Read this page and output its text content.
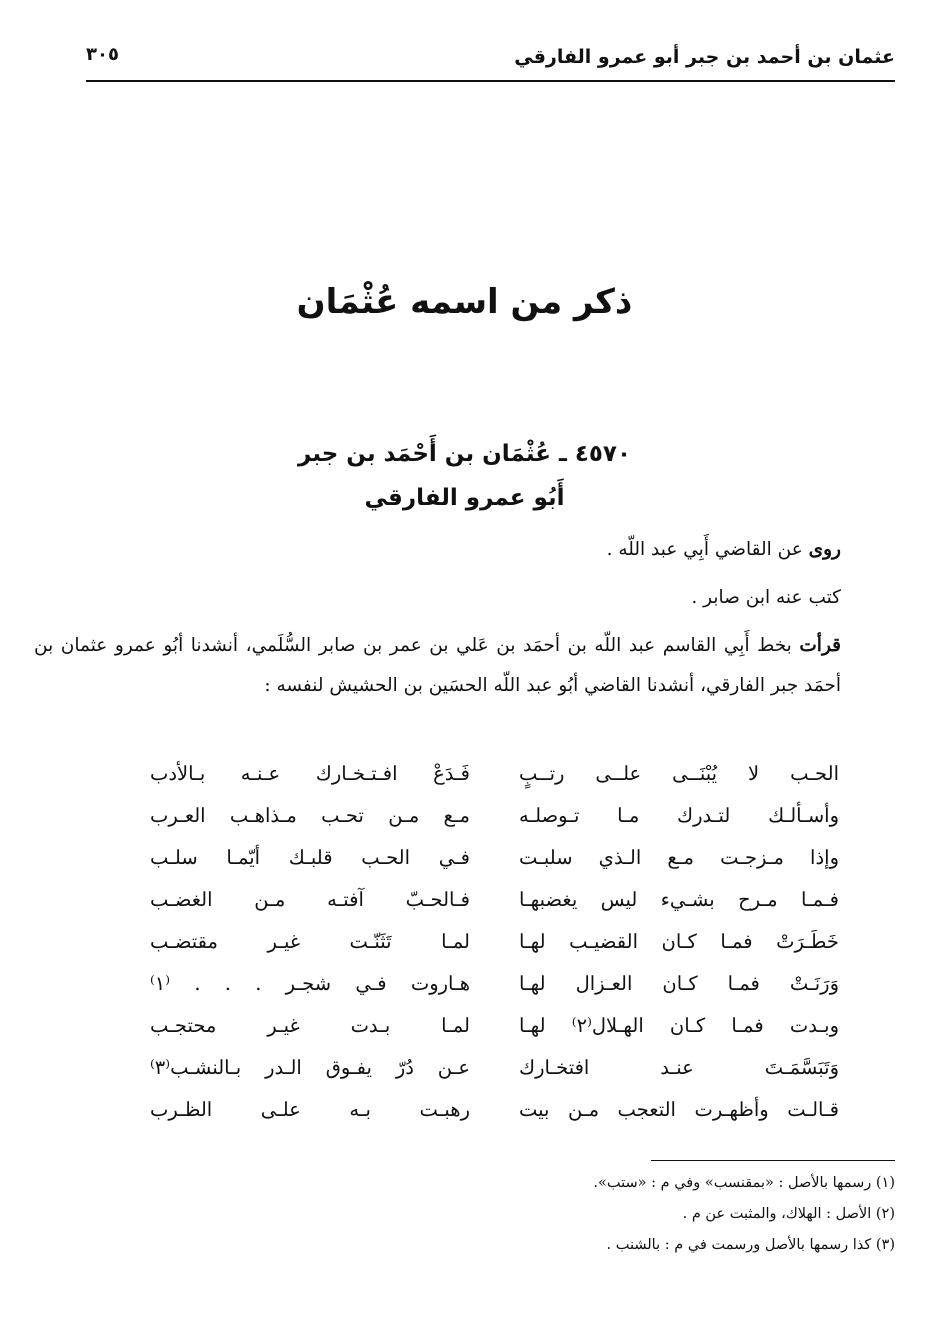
عثمان بن أحمد بن جبر أبو عمرو الفارقي
٣٠٥
ذكر من اسمه عُثْمَان
٤٥٧٠ ـ عُثْمَان بن أَحْمَد بن جبر
أَبُو عمرو الفارقي
روى عن القاضي أَبِي عبد اللّه .
كتب عنه ابن صابر .
قرأت بخط أَبِي القاسم عبد اللّه بن أحمَد بن عَلي بن عمر بن صابر السُّلَمي، أنشدنا أبُو عمرو عثمان بن أحمَد جبر الفارقي، أنشدنا القاضي أبُو عبد اللّه الحسَين بن الحشيش لنفسه :
الحـب لا يُبْنَــى علــى رتــبٍ
فَـدَعْ افـتـخـارك عـنـه بـالأدب
وأسـألـك لتـدرك مـا تـوصلـه
مـع مـن تحـب مـذاهـب العـرب
وإذا مـزجـت مـع الـذي سلبـت
فـي الحـب قلبـك أيّمـا سلـب
فـمـا مـرح بشـيء ليس يغضبهـا
فـالحـبّ آفتـه مـن الغضـب
خَطَـرَتْ فمـا كـان القضيـب لهـا
لمـا تَثَنّـت غيـر مقتضـب
وَرَنَـتْ فمـا كـان العـزال لهـا
هـاروت فـي شجـر . . . ⁽١⁾
وبـدت فمـا كـان الهـلال⁽٢⁾ لهـا
لمـا بـدت غيـر محتجـب
وَتَبَسَّمَـتَ عنـد افتخـارك
عـن دُرّ يفـوق الـدر بـالنشـب⁽٣⁾
قـالـت وأظهـرت التعجب مـن بيت
رهبـت بـه علـى الظـرب
(١) رسمها بالأصل : «بمقنسب» وفي م : «ستب».
(٢) الأصل : الهلاك، والمثبت عن م .
(٣) كذا رسمها بالأصل ورسمت في م : بالشنب .
